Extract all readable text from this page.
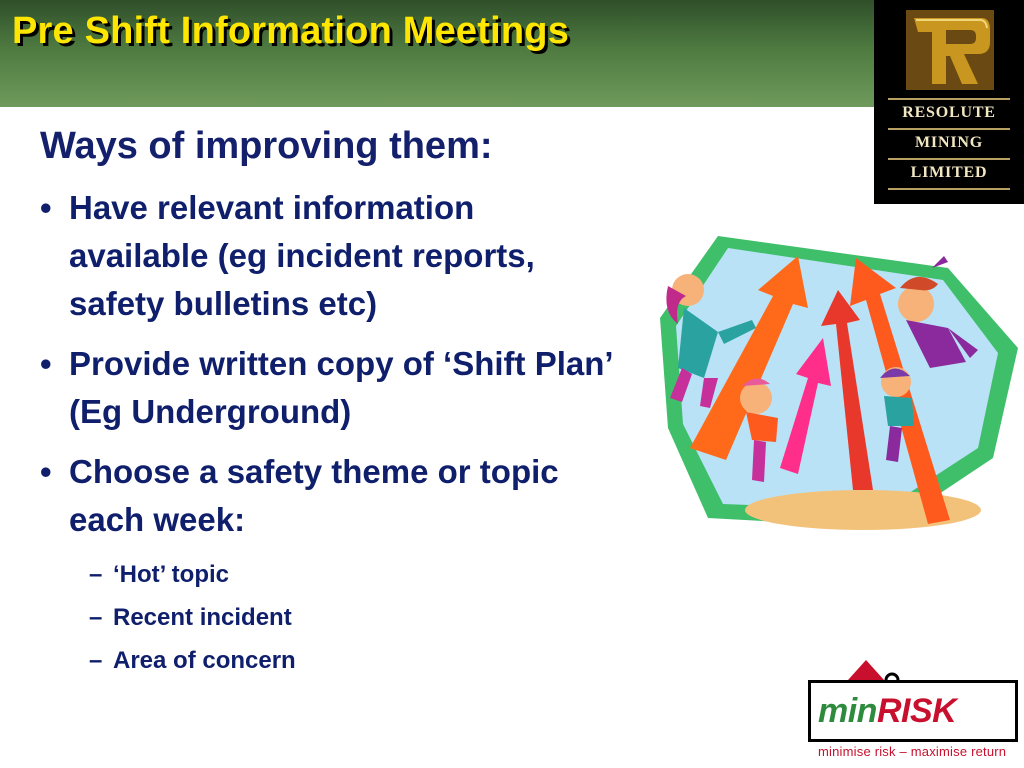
Pre Shift Information Meetings
RESOLUTE
MINING
LIMITED
Ways of improving them:
• Have relevant information available (eg incident reports, safety bulletins etc)
• Provide written copy of ‘Shift Plan’ (Eg Underground)
• Choose a safety theme or topic each week:
– ‘Hot’ topic
– Recent incident
– Area of concern
minRISK
minimise risk – maximise return
